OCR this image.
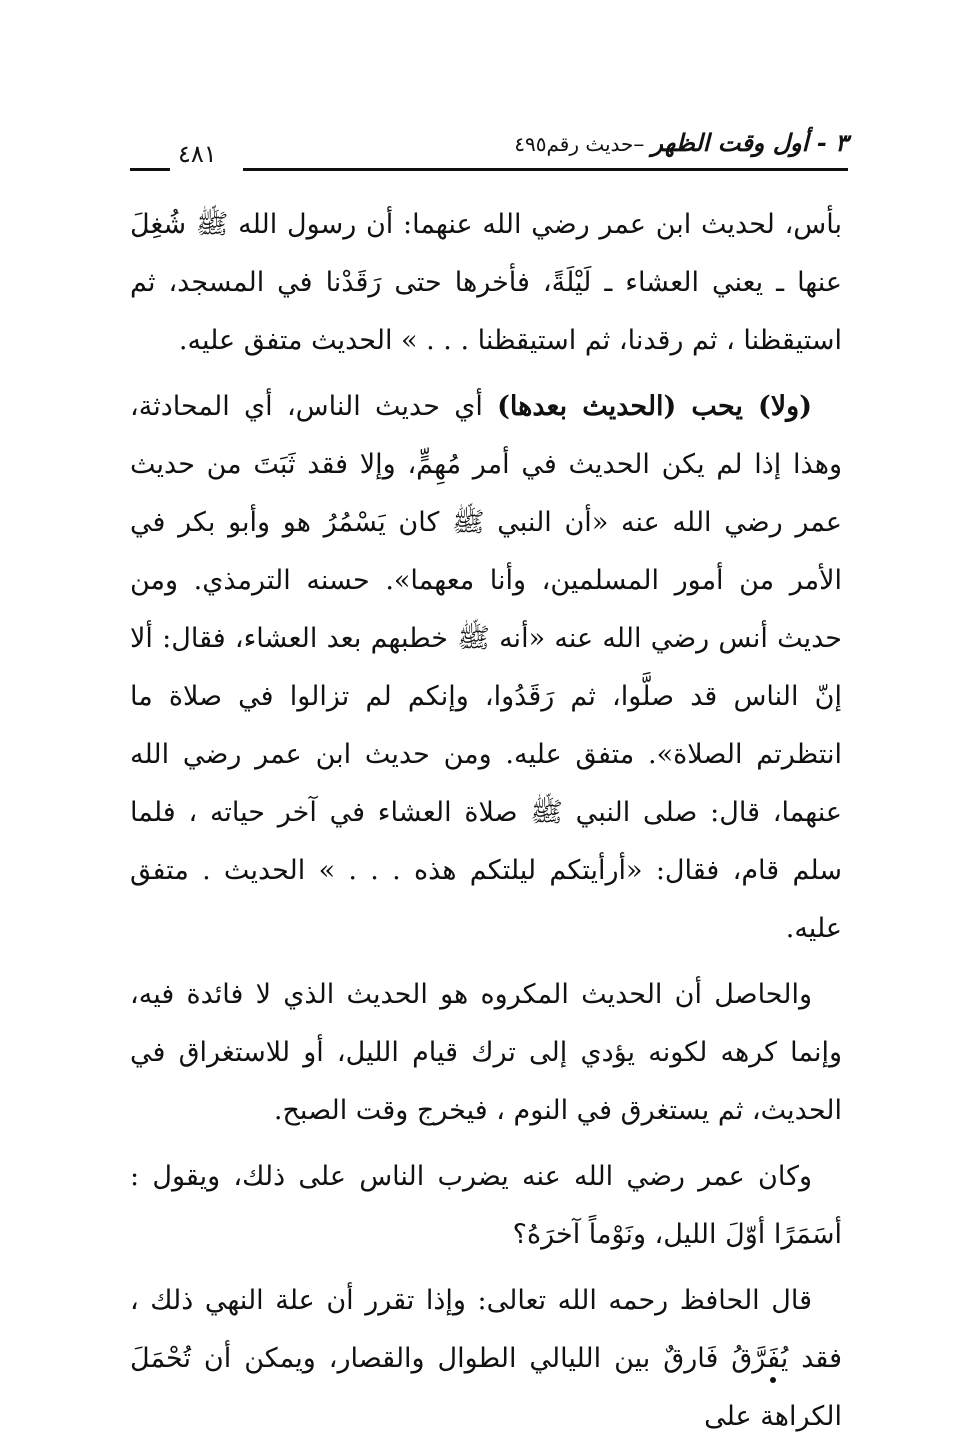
٣ - أول وقت الظهر –حديث رقم٤٩٥
٤٨١

بأس، لحديث ابن عمر رضي الله عنهما: أن رسول الله ﷺ شُغِلَ عنها ـ يعني العشاء ـ لَيْلَةً، فأخرها حتى رَقَدْنا في المسجد، ثم استيقظنا ، ثم رقدنا، ثم استيقظنا . . . » الحديث متفق عليه.

(ولا) يحب (الحديث بعدها) أي حديث الناس، أي المحادثة، وهذا إذا لم يكن الحديث في أمر مُهِمٍّ، وإلا فقد ثَبَتَ من حديث عمر رضي الله عنه «أن النبي ﷺ كان يَسْمُرُ هو وأبو بكر في الأمر من أمور المسلمين، وأنا معهما». حسنه الترمذي. ومن حديث أنس رضي الله عنه «أنه ﷺ خطبهم بعد العشاء، فقال: ألا إنّ الناس قد صلَّوا، ثم رَقَدُوا، وإنكم لم تزالوا في صلاة ما انتظرتم الصلاة». متفق عليه. ومن حديث ابن عمر رضي الله عنهما، قال: صلى النبي ﷺ صلاة العشاء في آخر حياته ، فلما سلم قام، فقال: «أرأيتكم ليلتكم هذه . . . » الحديث . متفق عليه.

والحاصل أن الحديث المكروه هو الحديث الذي لا فائدة فيه، وإنما كرهه لكونه يؤدي إلى ترك قيام الليل، أو للاستغراق في الحديث، ثم يستغرق في النوم ، فيخرج وقت الصبح.

وكان عمر رضي الله عنه يضرب الناس على ذلك، ويقول : أسَمَرًا أوّلَ الليل، ونَوْماً آخرَهُ؟

قال الحافظ رحمه الله تعالى: وإذا تقرر أن علة النهي ذلك ، فقد يُفَرَّقُ فَارقٌ بين الليالي الطوال والقصار، ويمكن أن تُحْمَلَ الكراهة على
